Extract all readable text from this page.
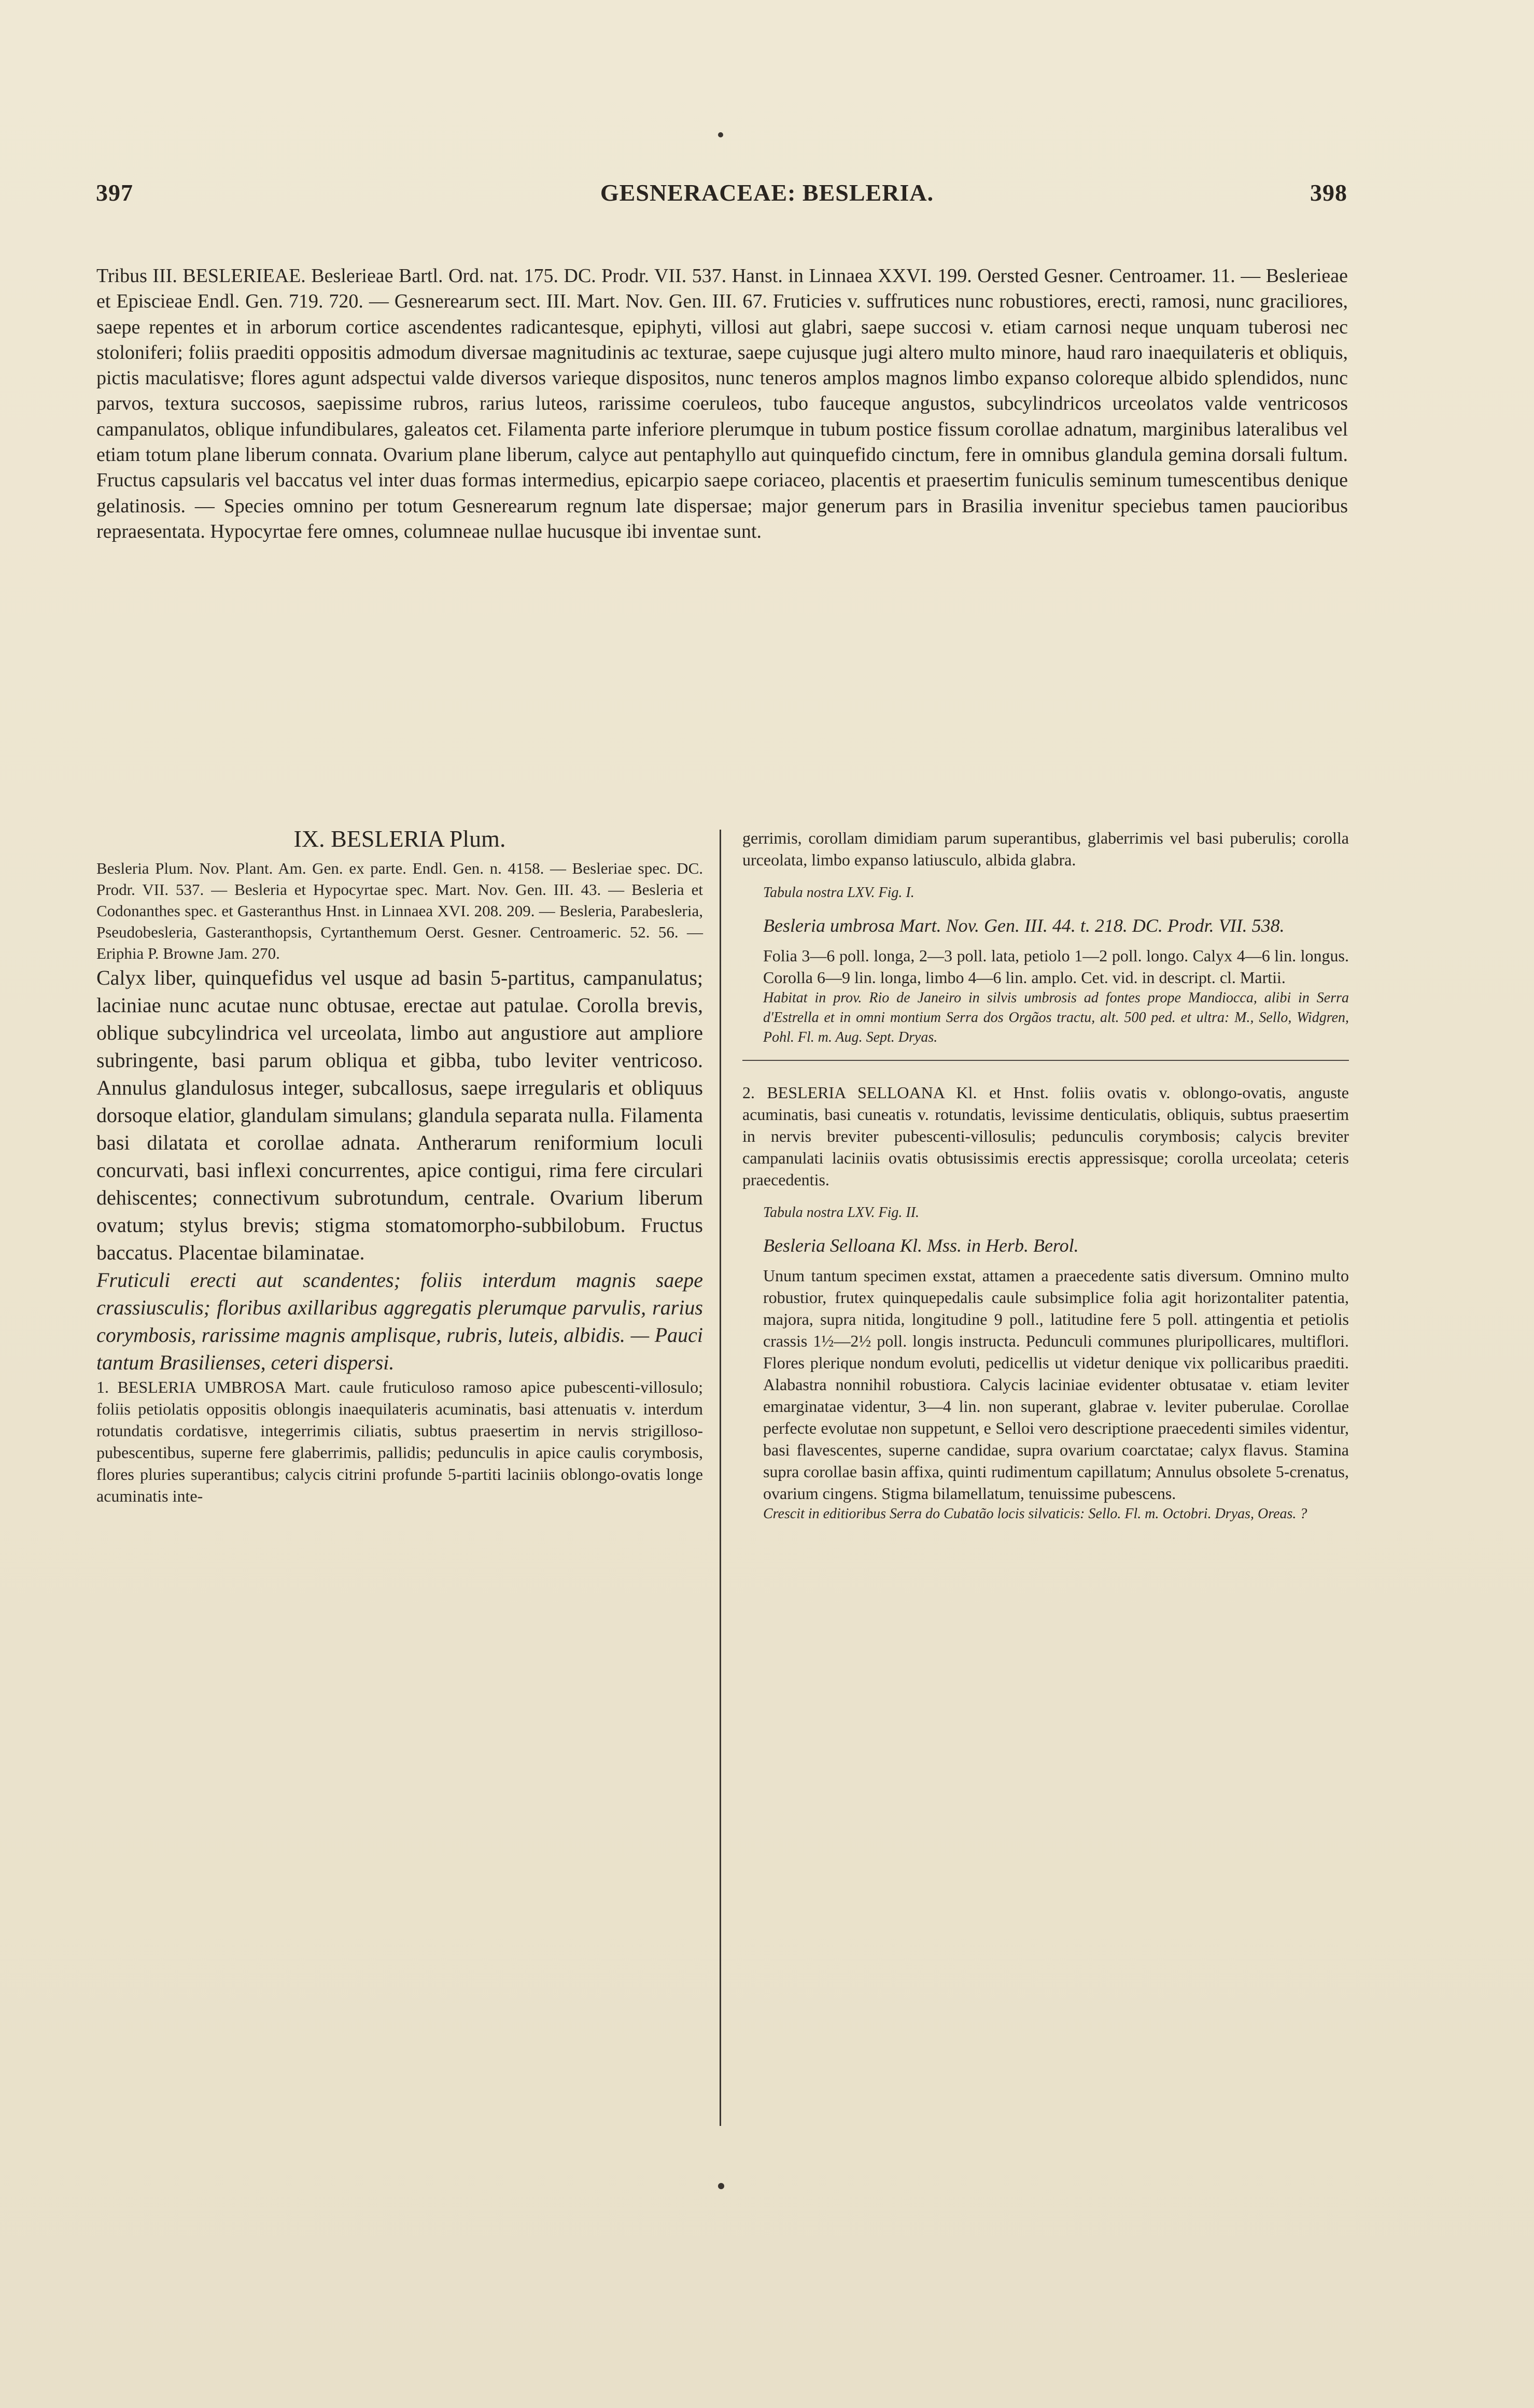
397	GESNERACEAE: BESLERIA.	398

Tribus III. BESLERIEAE. Beslerieae Bartl. Ord. nat. 175. DC. Prodr. VII. 537. Hanst. in Linnaea XXVI. 199. Oersted Gesner. Centroamer. 11. — Beslerieae et Episcieae Endl. Gen. 719. 720. — Gesnerearum sect. III. Mart. Nov. Gen. III. 67. Fruticies v. suffrutices nunc robustiores, erecti, ramosi, nunc graciliores, saepe repentes et in arborum cortice ascendentes radicantesque, epiphyti, villosi aut glabri, saepe succosi v. etiam carnosi neque unquam tuberosi nec stoloniferi; foliis praediti oppositis admodum diversae magnitudinis ac texturae, saepe cujusque jugi altero multo minore, haud raro inaequilateris et obliquis, pictis maculatisve; flores agunt adspectui valde diversos varieque dispositos, nunc teneros amplos magnos limbo expanso coloreque albido splendidos, nunc parvos, textura succosos, saepissime rubros, rarius luteos, rarissime coeruleos, tubo fauceque angustos, subcylindricos urceolatos valde ventricosos campanulatos, oblique infundibulares, galeatos cet. Filamenta parte inferiore plerumque in tubum postice fissum corollae adnatum, marginibus lateralibus vel etiam totum plane liberum connata. Ovarium plane liberum, calyce aut pentaphyllo aut quinquefido cinctum, fere in omnibus glandula gemina dorsali fultum. Fructus capsularis vel baccatus vel inter duas formas intermedius, epicarpio saepe coriaceo, placentis et praesertim funiculis seminum tumescentibus denique gelatinosis. — Species omnino per totum Gesnerearum regnum late dispersae; major generum pars in Brasilia invenitur speciebus tamen paucioribus repraesentata. Hypocyrtae fere omnes, columneae nullae hucusque ibi inventae sunt.

IX. BESLERIA Plum.

Besleria Plum. Nov. Plant. Am. Gen. ex parte. Endl. Gen. n. 4158. — Besleriae spec. DC. Prodr. VII. 537. — Besleria et Hypocyrtae spec. Mart. Nov. Gen. III. 43. — Besleria et Codonanthes spec. et Gasteranthus Hnst. in Linnaea XVI. 208. 209. — Besleria, Parabesleria, Pseudobesleria, Gasteranthopsis, Cyrtanthemum Oerst. Gesner. Centroameric. 52. 56. — Eriphia P. Browne Jam. 270.

Calyx liber, quinquefidus vel usque ad basin 5-partitus, campanulatus; laciniae nunc acutae nunc obtusae, erectae aut patulae. Corolla brevis, oblique subcylindrica vel urceolata, limbo aut angustiore aut ampliore subringente, basi parum obliqua et gibba, tubo leviter ventricoso. Annulus glandulosus integer, subcallosus, saepe irregularis et obliquus dorsoque elatior, glandulam simulans; glandula separata nulla. Filamenta basi dilatata et corollae adnata. Antherarum reniformium loculi concurvati, basi inflexi concurrentes, apice contigui, rima fere circulari dehiscentes; connectivum subrotundum, centrale. Ovarium liberum ovatum; stylus brevis; stigma stomatomorpho-subbilobum. Fructus baccatus. Placentae bilaminatae.

Fruticuli erecti aut scandentes; foliis interdum magnis saepe crassiusculis; floribus axillaribus aggregatis plerumque parvulis, rarius corymbosis, rarissime magnis amplisque, rubris, luteis, albidis. — Pauci tantum Brasilienses, ceteri dispersi.

1. BESLERIA UMBROSA Mart. caule fruticuloso ramoso apice pubescenti-villosulo; foliis petiolatis oppositis oblongis inaequilateris acuminatis, basi attenuatis v. interdum rotundatis cordatisve, integerrimis ciliatis, subtus praesertim in nervis strigilloso-pubescentibus, superne fere glaberrimis, pallidis; pedunculis in apice caulis corymbosis, flores pluries superantibus; calycis citrini profunde 5-partiti laciniis oblongo-ovatis longe acuminatis inte-

gerrimis, corollam dimidiam parum superantibus, glaberrimis vel basi puberulis; corolla urceolata, limbo expanso latiusculo, albida glabra.

Tabula nostra LXV. Fig. I.

Besleria umbrosa Mart. Nov. Gen. III. 44. t. 218. DC. Prodr. VII. 538.

Folia 3—6 poll. longa, 2—3 poll. lata, petiolo 1—2 poll. longo. Calyx 4—6 lin. longus. Corolla 6—9 lin. longa, limbo 4—6 lin. amplo. Cet. vid. in descript. cl. Martii.

Habitat in prov. Rio de Janeiro in silvis umbrosis ad fontes prope Mandiocca, alibi in Serra d'Estrella et in omni montium Serra dos Orgãos tractu, alt. 500 ped. et ultra: M., Sello, Widgren, Pohl. Fl. m. Aug. Sept. Dryas.

2. BESLERIA SELLOANA Kl. et Hnst. foliis ovatis v. oblongo-ovatis, anguste acuminatis, basi cuneatis v. rotundatis, levissime denticulatis, obliquis, subtus praesertim in nervis breviter pubescenti-villosulis; pedunculis corymbosis; calycis breviter campanulati laciniis ovatis obtusissimis erectis appressisque; corolla urceolata; ceteris praecedentis.

Tabula nostra LXV. Fig. II.

Besleria Selloana Kl. Mss. in Herb. Berol.

Unum tantum specimen exstat, attamen a praecedente satis diversum. Omnino multo robustior, frutex quinquepedalis caule subsimplice folia agit horizontaliter patentia, majora, supra nitida, longitudine 9 poll., latitudine fere 5 poll. attingentia et petiolis crassis 1½—2½ poll. longis instructa. Pedunculi communes pluripollicares, multiflori. Flores plerique nondum evoluti, pedicellis ut videtur denique vix pollicaribus praediti. Alabastra nonnihil robustiora. Calycis laciniae evidenter obtusatae v. etiam leviter emarginatae videntur, 3—4 lin. non superant, glabrae v. leviter puberulae. Corollae perfecte evolutae non suppetunt, e Selloi vero descriptione praecedenti similes videntur, basi flavescentes, superne candidae, supra ovarium coarctatae; calyx flavus. Stamina supra corollae basin affixa, quinti rudimentum capillatum; Annulus obsolete 5-crenatus, ovarium cingens. Stigma bilamellatum, tenuissime pubescens.

Crescit in editioribus Serra do Cubatão locis silvaticis: Sello. Fl. m. Octobri. Dryas, Oreas. ?
